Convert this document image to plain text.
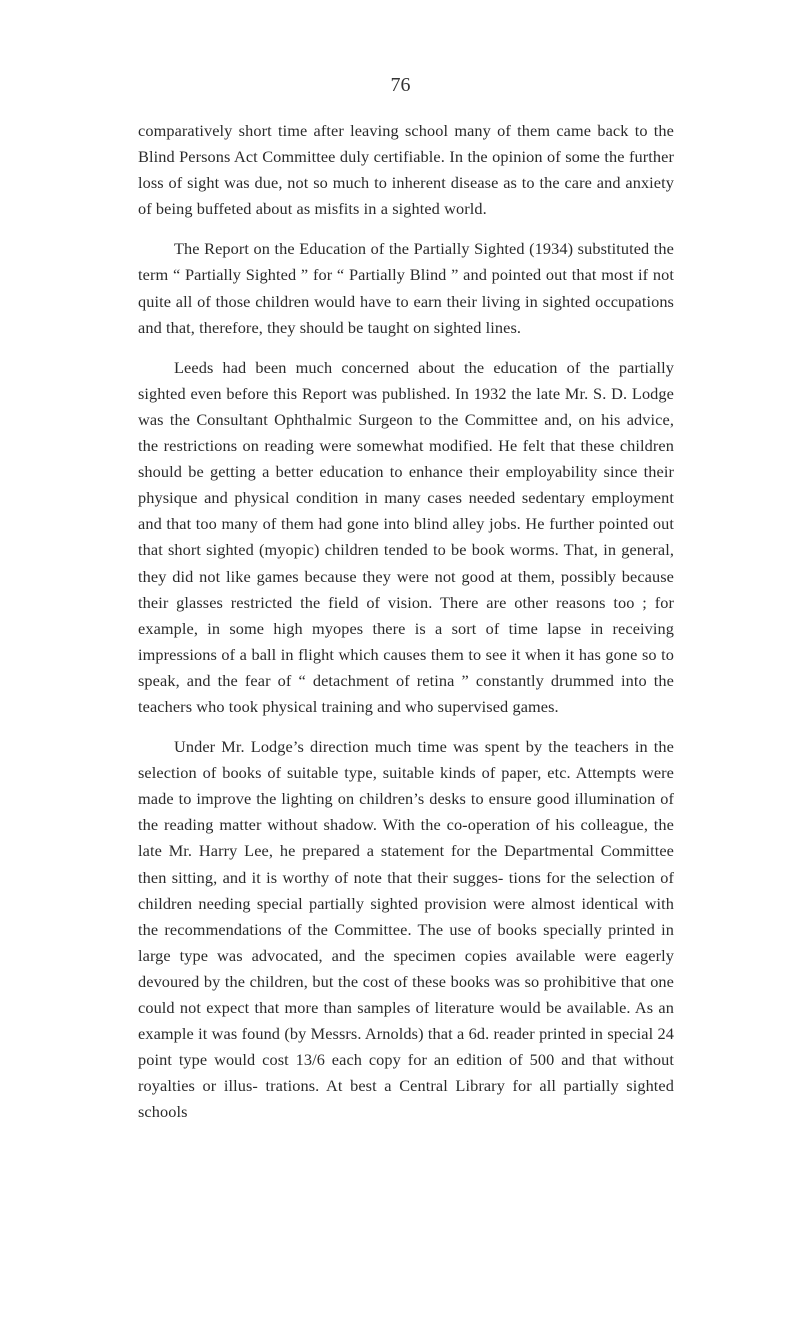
76

comparatively short time after leaving school many of them came back to the Blind Persons Act Committee duly certifiable. In the opinion of some the further loss of sight was due, not so much to inherent disease as to the care and anxiety of being buffeted about as misfits in a sighted world.

The Report on the Education of the Partially Sighted (1934) substituted the term “ Partially Sighted ” for “ Partially Blind ” and pointed out that most if not quite all of those children would have to earn their living in sighted occupations and that, therefore, they should be taught on sighted lines.

Leeds had been much concerned about the education of the partially sighted even before this Report was published. In 1932 the late Mr. S. D. Lodge was the Consultant Ophthalmic Surgeon to the Committee and, on his advice, the restrictions on reading were somewhat modified. He felt that these children should be getting a better education to enhance their employability since their physique and physical condition in many cases needed sedentary employment and that too many of them had gone into blind alley jobs. He further pointed out that short sighted (myopic) children tended to be book worms. That, in general, they did not like games because they were not good at them, possibly because their glasses restricted the field of vision. There are other reasons too ; for example, in some high myopes there is a sort of time lapse in receiving impressions of a ball in flight which causes them to see it when it has gone so to speak, and the fear of “ detachment of retina ” constantly drummed into the teachers who took physical training and who supervised games.

Under Mr. Lodge’s direction much time was spent by the teachers in the selection of books of suitable type, suitable kinds of paper, etc. Attempts were made to improve the lighting on children’s desks to ensure good illumination of the reading matter without shadow. With the co-operation of his colleague, the late Mr. Harry Lee, he prepared a statement for the Departmental Committee then sitting, and it is worthy of note that their sugges- tions for the selection of children needing special partially sighted provision were almost identical with the recommendations of the Committee. The use of books specially printed in large type was advocated, and the specimen copies available were eagerly devoured by the children, but the cost of these books was so prohibitive that one could not expect that more than samples of literature would be available. As an example it was found (by Messrs. Arnolds) that a 6d. reader printed in special 24 point type would cost 13/6 each copy for an edition of 500 and that without royalties or illus- trations. At best a Central Library for all partially sighted schools
